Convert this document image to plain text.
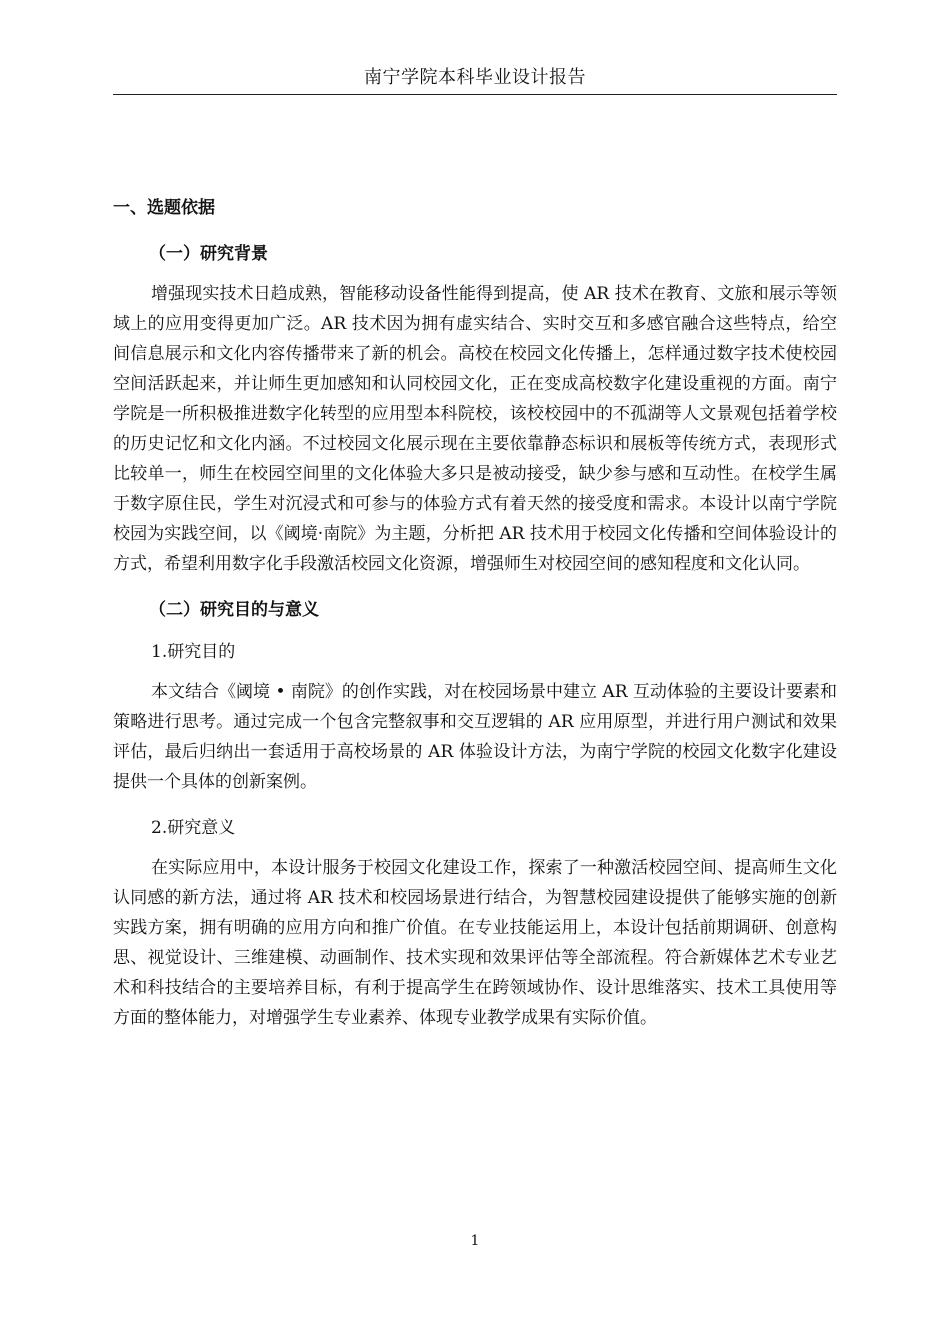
南宁学院本科毕业设计报告
一、选题依据
（一）研究背景

增强现实技术日趋成熟，智能移动设备性能得到提高，使 AR 技术在教育、文旅和展示等领域上的应用变得更加广泛。AR 技术因为拥有虚实结合、实时交互和多感官融合这些特点，给空间信息展示和文化内容传播带来了新的机会。高校在校园文化传播上，怎样通过数字技术使校园空间活跃起来，并让师生更加感知和认同校园文化，正在变成高校数字化建设重视的方面。南宁学院是一所积极推进数字化转型的应用型本科院校，该校校园中的不孤湖等人文景观包括着学校的历史记忆和文化内涵。不过校园文化展示现在主要依靠静态标识和展板等传统方式，表现形式比较单一，师生在校园空间里的文化体验大多只是被动接受，缺少参与感和互动性。在校学生属于数字原住民，学生对沉浸式和可参与的体验方式有着天然的接受度和需求。本设计以南宁学院校园为实践空间，以《阈境·南院》为主题，分析把 AR 技术用于校园文化传播和空间体验设计的方式，希望利用数字化手段激活校园文化资源，增强师生对校园空间的感知程度和文化认同。

（二）研究目的与意义
1.研究目的

本文结合《阈境 • 南院》的创作实践，对在校园场景中建立 AR 互动体验的主要设计要素和策略进行思考。通过完成一个包含完整叙事和交互逻辑的 AR 应用原型，并进行用户测试和效果评估，最后归纳出一套适用于高校场景的 AR 体验设计方法，为南宁学院的校园文化数字化建设提供一个具体的创新案例。

2.研究意义

在实际应用中，本设计服务于校园文化建设工作，探索了一种激活校园空间、提高师生文化认同感的新方法，通过将 AR 技术和校园场景进行结合，为智慧校园建设提供了能够实施的创新实践方案，拥有明确的应用方向和推广价值。在专业技能运用上，本设计包括前期调研、创意构思、视觉设计、三维建模、动画制作、技术实现和效果评估等全部流程。符合新媒体艺术专业艺术和科技结合的主要培养目标，有利于提高学生在跨领域协作、设计思维落实、技术工具使用等方面的整体能力，对增强学生专业素养、体现专业教学成果有实际价值。

1
